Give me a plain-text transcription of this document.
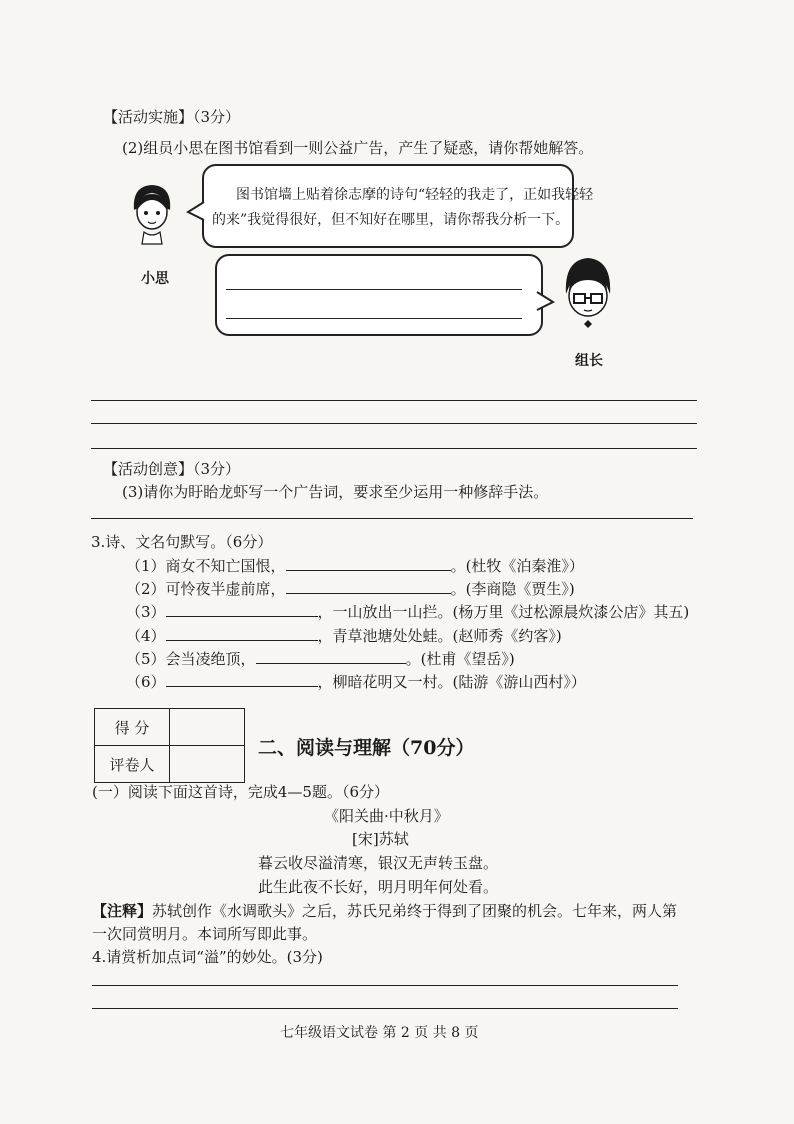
【活动实施】（3分）
(2)组员小思在图书馆看到一则公益广告，产生了疑惑，请你帮她解答。
小思
图书馆墙上贴着徐志摩的诗句“轻轻的我走了，正如我轻轻
的来”我觉得很好，但不知好在哪里，请你帮我分析一下。
组长
【活动创意】（3分）
(3)请你为盱眙龙虾写一个广告词，要求至少运用一种修辞手法。
3.诗、文名句默写。（6分）
（1）商女不知亡国恨，	。(杜牧《泊秦淮》）
（2）可怜夜半虚前席，	。(李商隐《贾生》)
（3）	，一山放出一山拦。(杨万里《过松源晨炊漆公店》其五)
（4）	，青草池塘处处蛙。(赵师秀《约客》)
（5）会当凌绝顶，	。(杜甫《望岳》)
（6）	，柳暗花明又一村。(陆游《游山西村》）
得 分	
评卷人	
二、阅读与理解（70分）
(一）阅读下面这首诗，完成4—5题。（6分）
《阳关曲·中秋月》
[宋]苏轼
暮云收尽溢清寒，银汉无声转玉盘。
此生此夜不长好，明月明年何处看。
【注释】苏轼创作《水调歌头》之后，苏氏兄弟终于得到了团聚的机会。七年来，两人第
一次同赏明月。本词所写即此事。
4.请赏析加点词“溢”的妙处。(3分)
七年级语文试卷 第 2 页 共 8 页
